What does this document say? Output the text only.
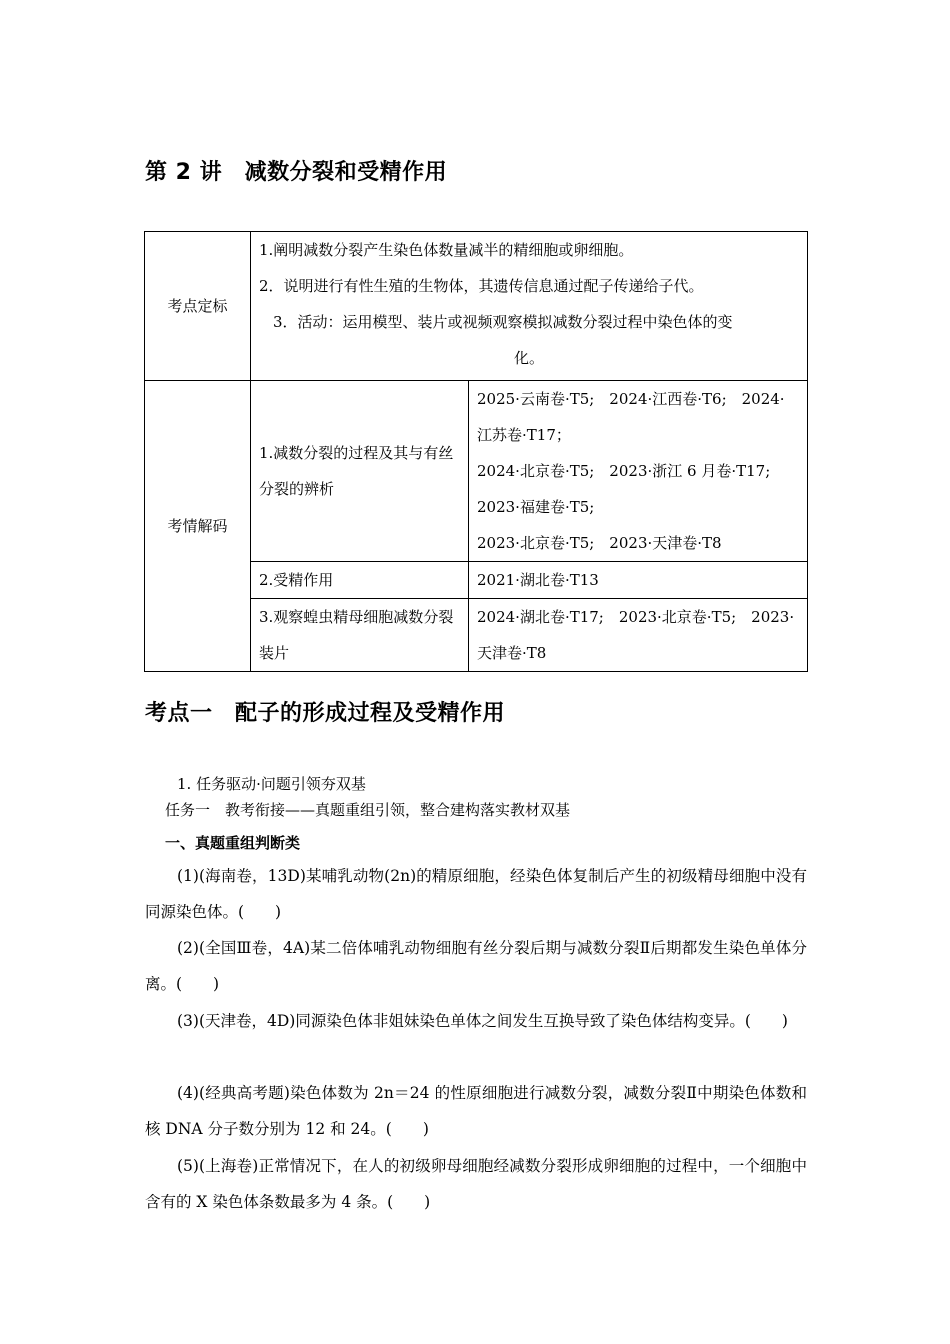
第 2 讲　减数分裂和受精作用
考点定标	1.阐明减数分裂产生染色体数量减半的精细胞或卵细胞。
2．说明进行有性生殖的生物体，其遗传信息通过配子传递给子代。
3．活动：运用模型、装片或视频观察模拟减数分裂过程中染色体的变
化。	

考情解码	1.减数分裂的过程及其与有丝分裂的辨析	2025·云南卷·T5;　2024·江西卷·T6;　2024·
江苏卷·T17；
2024·北京卷·T5;　2023·浙江 6 月卷·T17;
2023·福建卷·T5;
2023·北京卷·T5;　2023·天津卷·T8

	2.受精作用	2021·湖北卷·T13

	3.观察蝗虫精母细胞减数分裂装片	2024·湖北卷·T17;　2023·北京卷·T5;　2023·
天津卷·T8
考点一　配子的形成过程及受精作用
1. 任务驱动·问题引领夯双基
任务一　教考衔接——真题重组引领，整合建构落实教材双基
一、真题重组判断类
(1)(海南卷，13D)某哺乳动物(2n)的精原细胞，经染色体复制后产生的初级精母细胞中没有同源染色体。(　　)
(2)(全国Ⅲ卷，4A)某二倍体哺乳动物细胞有丝分裂后期与减数分裂Ⅱ后期都发生染色单体分离。(　　)
(3)(天津卷，4D)同源染色体非姐妹染色单体之间发生互换导致了染色体结构变异。(　　)
(4)(经典高考题)染色体数为 2n＝24 的性原细胞进行减数分裂，减数分裂Ⅱ中期染色体数和核 DNA 分子数分别为 12 和 24。(　　)
(5)(上海卷)正常情况下，在人的初级卵母细胞经减数分裂形成卵细胞的过程中，一个细胞中含有的 X 染色体条数最多为 4 条。(　　)
